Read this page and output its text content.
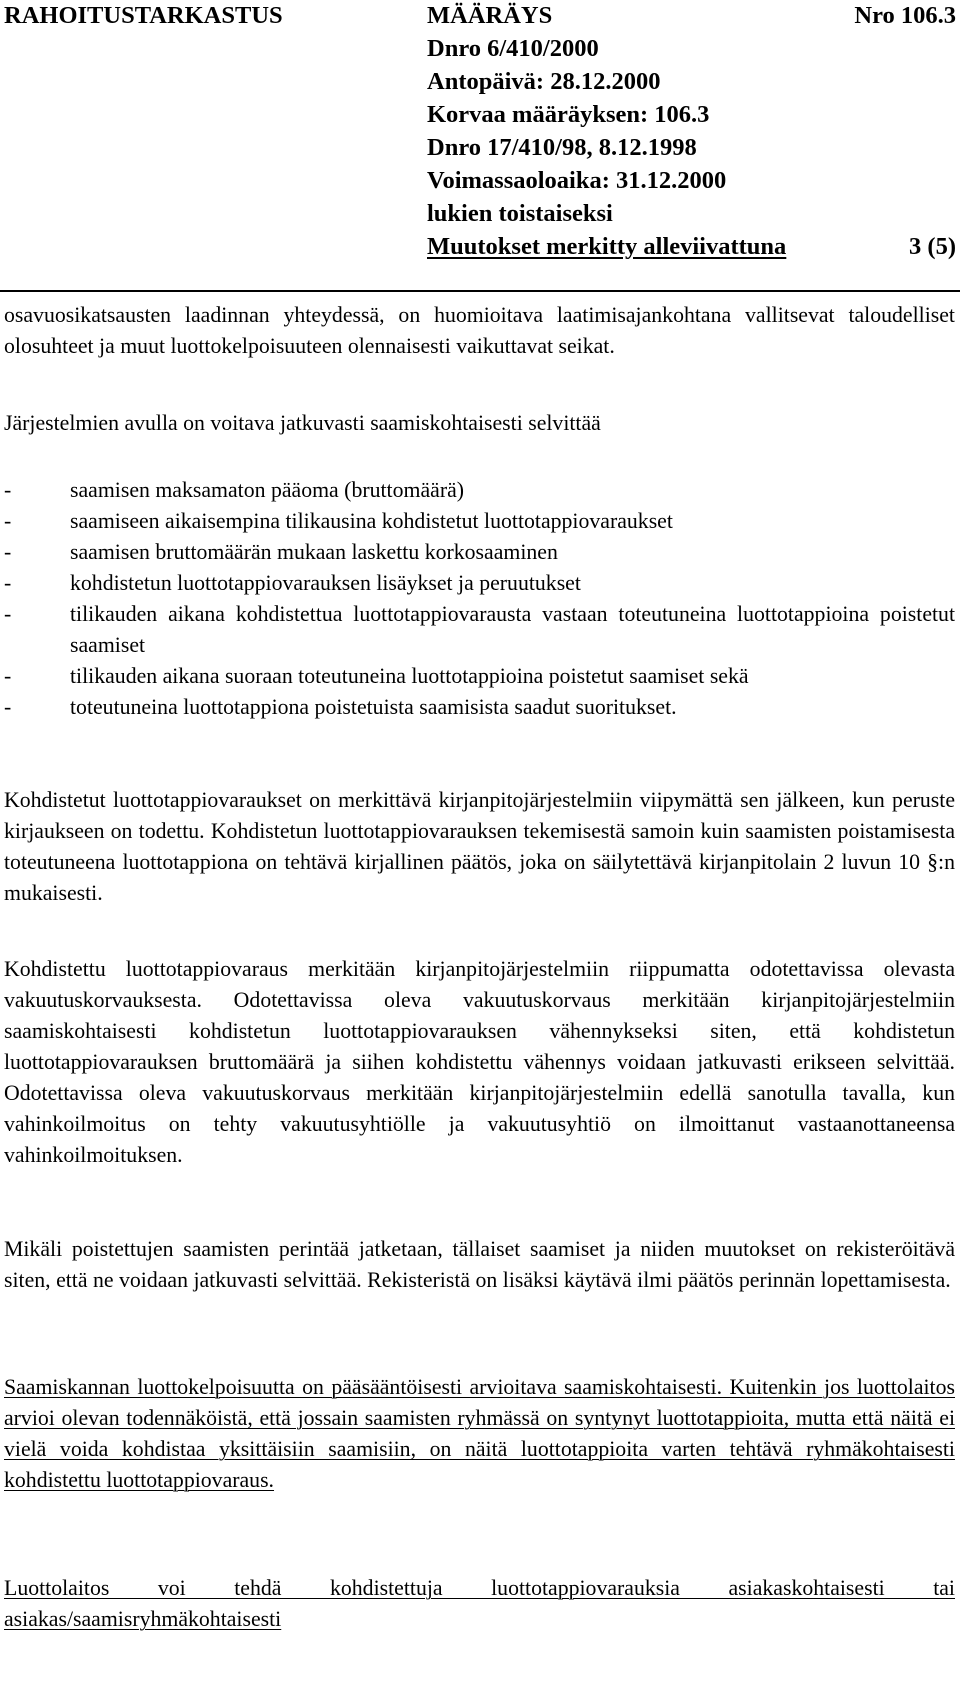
RAHOITUSTARKASTUS	MÄÄRÄYS	Nro 106.3
Dnro 6/410/2000
Antopäivä: 28.12.2000
Korvaa määräyksen: 106.3
Dnro 17/410/98, 8.12.1998
Voimassaoloaika: 31.12.2000
lukien toistaiseksi
Muutokset merkitty alleviivattuna	3 (5)

osavuosikatsausten laadinnan yhteydessä, on huomioitava laatimisajankohtana vallitsevat taloudelliset olosuhteet ja muut luottokelpoisuuteen olennaisesti vaikuttavat seikat.

Järjestelmien avulla on voitava jatkuvasti saamiskohtaisesti selvittää

-	saamisen maksamaton pääoma (bruttomäärä)
-	saamiseen aikaisempina tilikausina kohdistetut luottotappiovaraukset
-	saamisen bruttomäärän mukaan laskettu korkosaaminen
-	kohdistetun luottotappiovarauksen lisäykset ja peruutukset
-	tilikauden aikana kohdistettua luottotappiovarausta vastaan toteutuneina luottotappioina poistetut saamiset
-	tilikauden aikana suoraan toteutuneina luottotappioina poistetut saamiset sekä
-	toteutuneina luottotappiona poistetuista saamisista saadut suoritukset.

Kohdistetut luottotappiovaraukset on merkittävä kirjanpitojärjestelmiin viipymättä sen jälkeen, kun peruste kirjaukseen on todettu. Kohdistetun luottotappiovarauksen tekemisestä samoin kuin saamisten poistamisesta toteutuneena luottotappiona on tehtävä kirjallinen päätös, joka on säilytettävä kirjanpitolain 2 luvun 10 §:n mukaisesti.

Kohdistettu luottotappiovaraus merkitään kirjanpitojärjestelmiin riippumatta odotettavissa olevasta vakuutuskorvauksesta. Odotettavissa oleva vakuutuskorvaus merkitään kirjanpitojärjestelmiin saamiskohtaisesti kohdistetun luottotappiovarauksen vähennykseksi siten, että kohdistetun luottotappiovarauksen bruttomäärä ja siihen kohdistettu vähennys voidaan jatkuvasti erikseen selvittää. Odotettavissa oleva vakuutuskorvaus merkitään kirjanpitojärjestelmiin edellä sanotulla tavalla, kun vahinkoilmoitus on tehty vakuutusyhtiölle ja vakuutusyhtiö on ilmoittanut vastaanottaneensa vahinkoilmoituksen.

Mikäli poistettujen saamisten perintää jatketaan, tällaiset saamiset ja niiden muutokset on rekisteröitävä siten, että ne voidaan jatkuvasti selvittää. Rekisteristä on lisäksi käytävä ilmi päätös perinnän lopettamisesta.

Saamiskannan luottokelpoisuutta on pääsääntöisesti arvioitava saamiskohtaisesti. Kuitenkin jos luottolaitos arvioi olevan todennäköistä, että jossain saamisten ryhmässä on syntynyt luottotappioita, mutta että näitä ei vielä voida kohdistaa yksittäisiin saamisiin, on näitä luottotappioita varten tehtävä ryhmäkohtaisesti kohdistettu luottotappiovaraus.

Luottolaitos voi tehdä kohdistettuja luottotappiovarauksia asiakaskohtaisesti tai asiakas/saamisryhmäkohtaisesti
